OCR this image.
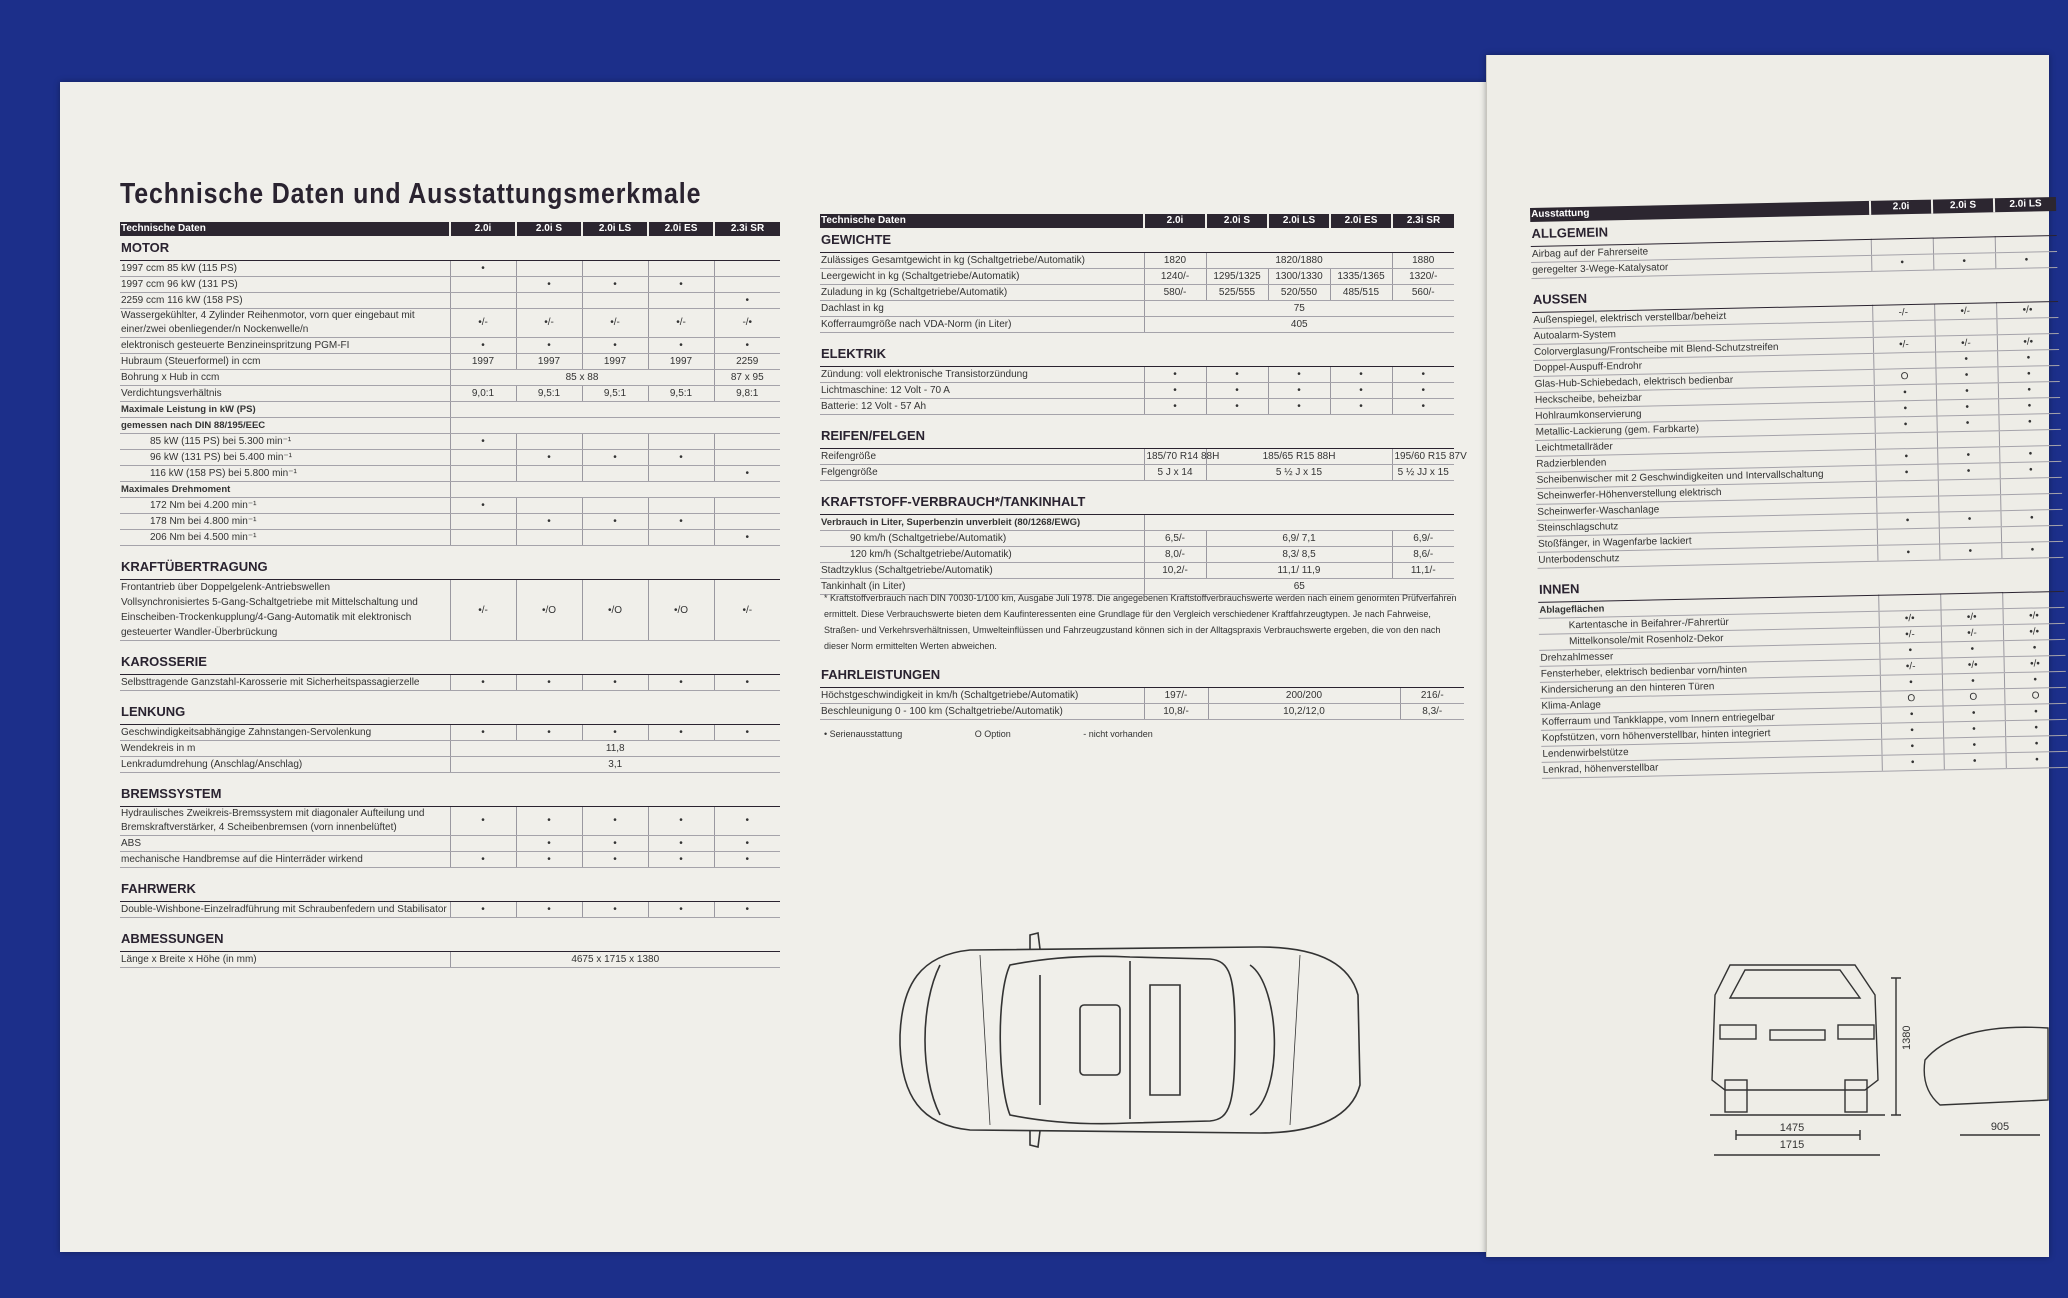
Technische Daten und Ausstattungsmerkmale
Technische Daten	2.0i	2.0i S	2.0i LS	2.0i ES	2.3i SR
MOTOR					
1997 ccm 85 kW (115 PS)	•				
1997 ccm 96 kW (131 PS)		•	•	•	
2259 ccm 116 kW (158 PS)					•

Wassergekühlter, 4 Zylinder Reihenmotor, vorn quer eingebaut mit
einer/zwei obenliegender/n Nockenwelle/n	•/-	•/-	•/-	•/-	-/•
elektronisch gesteuerte Benzineinspritzung PGM-FI	•	•	•	•	•
Hubraum (Steuerformel) in ccm	1997	1997	1997	1997	2259
Bohrung x Hub in ccm	85 x 88				87 x 95
Verdichtungsverhältnis	9,0:1	9,5:1	9,5:1	9,5:1	9,8:1
Maximale Leistung in kW (PS)					
gemessen nach DIN 88/195/EEC					
85 kW (115 PS) bei 5.300 min⁻¹	•				
96 kW (131 PS) bei 5.400 min⁻¹		•	•	•	
116 kW (158 PS) bei 5.800 min⁻¹					•
Maximales Drehmoment					
172 Nm bei 4.200 min⁻¹	•				
178 Nm bei 4.800 min⁻¹		•	•	•	
206 Nm bei 4.500 min⁻¹					•

KRAFTÜBERTRAGUNG					

Frontantrieb über Doppelgelenk-Antriebswellen
Vollsynchronisiertes 5-Gang-Schaltgetriebe mit Mittelschaltung und
Einscheiben-Trockenkupplung/4-Gang-Automatik mit elektronisch
gesteuerter Wandler-Überbrückung	•/-	•/O	•/O	•/O	•/-

KAROSSERIE					
Selbsttragende Ganzstahl-Karosserie mit Sicherheitspassagierzelle	•	•	•	•	•

LENKUNG					
Geschwindigkeitsabhängige Zahnstangen-Servolenkung	•	•	•	•	•
Wendekreis in m	11,8				
Lenkradumdrehung (Anschlag/Anschlag)	3,1				

BREMSSYSTEM					

Hydraulisches Zweikreis-Bremssystem mit diagonaler Aufteilung und
Bremskraftverstärker, 4 Scheibenbremsen (vorn innenbelüftet)	•	•	•	•	•
ABS		•	•	•	•
mechanische Handbremse auf die Hinterräder wirkend	•	•	•	•	•

FAHRWERK					
Double-Wishbone-Einzelradführung mit Schraubenfedern und Stabilisator	•	•	•	•	•

ABMESSUNGEN					
Länge x Breite x Höhe (in mm)	4675 x 1715 x 1380				
Technische Daten	2.0i	2.0i S	2.0i LS	2.0i ES	2.3i SR
GEWICHTE					
Zulässiges Gesamtgewicht in kg (Schaltgetriebe/Automatik)	1820	1820/1880			1880
Leergewicht in kg (Schaltgetriebe/Automatik)	1240/-	1295/1325	1300/1330	1335/1365	1320/-
Zuladung in kg (Schaltgetriebe/Automatik)	580/-	525/555	520/550	485/515	560/-
Dachlast in kg	75				
Kofferraumgröße nach VDA-Norm (in Liter)	405				

ELEKTRIK					
Zündung: voll elektronische Transistorzündung	•	•	•	•	•
Lichtmaschine: 12 Volt - 70 A	•	•	•	•	•
Batterie: 12 Volt - 57 Ah	•	•	•	•	•

REIFEN/FELGEN					
Reifengröße	185/70 R14 88H	185/65 R15 88H			195/60 R15 87V
Felgengröße	5 J x 14	5 ½ J x 15			5 ½ JJ x 15

KRAFTSTOFF-VERBRAUCH*/TANKINHALT					
Verbrauch in Liter, Superbenzin unverbleit (80/1268/EWG)					
90 km/h (Schaltgetriebe/Automatik)	6,5/-	6,9/ 7,1			6,9/-
120 km/h (Schaltgetriebe/Automatik)	8,0/-	8,3/ 8,5			8,6/-
Stadtzyklus (Schaltgetriebe/Automatik)	10,2/-	11,1/ 11,9			11,1/-
Tankinhalt (in Liter)	65				
* Kraftstoffverbrauch nach DIN 70030-1/100 km, Ausgabe Juli 1978. Die angegebenen Kraftstoffverbrauchswerte werden nach einem genormten Prüfverfahren ermittelt. Diese Verbrauchswerte bieten dem Kaufinteressenten eine Grundlage für den Vergleich verschiedener Kraftfahrzeugtypen. Je nach Fahrweise, Straßen- und Verkehrsverhältnissen, Umwelteinflüssen und Fahrzeugzustand können sich in der Alltagspraxis Verbrauchswerte ergeben, die von den nach dieser Norm ermittelten Werten abweichen.
FAHRLEISTUNGEN			
Höchstgeschwindigkeit in km/h (Schaltgetriebe/Automatik)	197/-	200/200	216/-
Beschleunigung 0 - 100 km (Schaltgetriebe/Automatik)	10,8/-	10,2/12,0	8,3/-
• Serienausstattung	O Option	- nicht vorhanden
Ausstattung	2.0i	2.0i S	2.0i LS
ALLGEMEIN			
Airbag auf der Fahrerseite			
geregelter 3-Wege-Katalysator	•	•	•

AUSSEN			
Außenspiegel, elektrisch verstellbar/beheizt	-/-	•/-	•/•
Autoalarm-System			
Colorverglasung/Frontscheibe mit Blend-Schutzstreifen	•/-	•/-	•/•
Doppel-Auspuff-Endrohr		•	•
Glas-Hub-Schiebedach, elektrisch bedienbar	O	•	•
Heckscheibe, beheizbar	•	•	•
Hohlraumkonservierung	•	•	•
Metallic-Lackierung (gem. Farbkarte)	•	•	•
Leichtmetallräder			
Radzierblenden	•	•	•
Scheibenwischer mit 2 Geschwindigkeiten und Intervallschaltung	•	•	•
Scheinwerfer-Höhenverstellung elektrisch			
Scheinwerfer-Waschanlage			
Steinschlagschutz	•	•	•
Stoßfänger, in Wagenfarbe lackiert			
Unterbodenschutz	•	•	•

INNEN			
Ablageflächen			
Kartentasche in Beifahrer-/Fahrertür	•/•	•/•	•/•
Mittelkonsole/mit Rosenholz-Dekor	•/-	•/-	•/•
Drehzahlmesser	•	•	•
Fensterheber, elektrisch bedienbar vorn/hinten	•/-	•/•	•/•
Kindersicherung an den hinteren Türen	•	•	•
Klima-Anlage	O	O	O
Kofferraum und Tankklappe, vom Innern entriegelbar	•	•	•
Kopfstützen, vorn höhenverstellbar, hinten integriert	•	•	•
Lendenwirbelstütze	•	•	•
Lenkrad, höhenverstellbar	•	•	•
1475
1715
1380
905
